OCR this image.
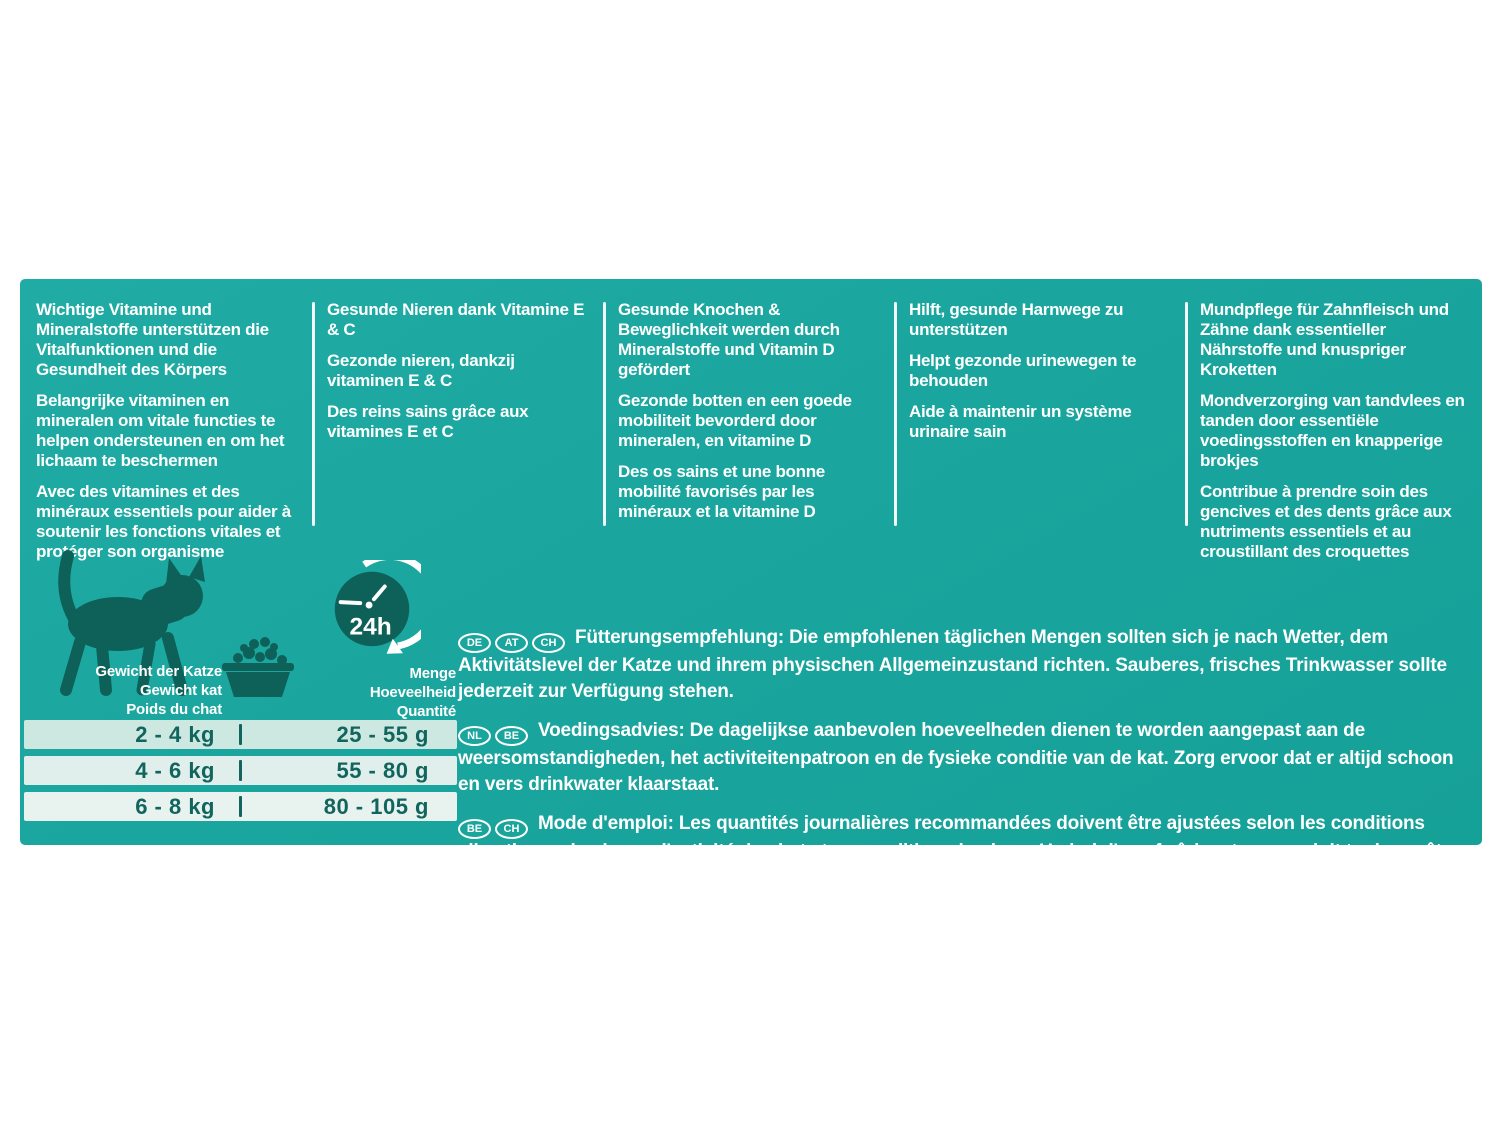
Wichtige Vitamine und Mineralstoffe unterstützen die Vitalfunktionen und die Gesundheit des Körpers

Belangrijke vitaminen en mineralen om vitale functies te helpen ondersteunen en om het lichaam te beschermen

Avec des vitamines et des minéraux essentiels pour aider à soutenir les fonctions vitales et protéger son organisme

Gesunde Nieren dank Vitamine E & C

Gezonde nieren, dankzij vitaminen E & C

Des reins sains grâce aux vitamines E et C

Gesunde Knochen & Beweglichkeit werden durch Mineralstoffe und Vitamin D gefördert

Gezonde botten en een goede mobiliteit bevorderd door mineralen, en vitamine D

Des os sains et une bonne mobilité favorisés par les minéraux et la vitamine D

Hilft, gesunde Harnwege zu unterstützen

Helpt gezonde urinewegen te behouden

Aide à maintenir un système urinaire sain

Mundpflege für Zahnfleisch und Zähne dank essentieller Nährstoffe und knuspriger Kroketten

Mondverzorging van tandvlees en tanden door essentiële voedingsstoffen en knapperige brokjes

Contribue à prendre soin des gencives et des dents grâce aux nutriments essentiels et au croustillant des croquettes

24h
Gewicht der Katze
Gewicht kat
Poids du chat
Menge
Hoeveelheid
Quantité
2 - 4 kg	25 - 55 g
4 - 6 kg	55 - 80 g
6 - 8 kg	80 - 105 g

DE AT CH Fütterungsempfehlung: Die empfohlenen täglichen Mengen sollten sich je nach Wetter, dem Aktivitätslevel der Katze und ihrem physischen Allgemeinzustand richten. Sauberes, frisches Trinkwasser sollte jederzeit zur Verfügung stehen.

NL BE Voedingsadvies: De dagelijkse aanbevolen hoeveelheden dienen te worden aangepast aan de weersomstandigheden, het activiteitenpatroon en de fysieke conditie van de kat. Zorg ervoor dat er altijd schoon en vers drinkwater klaarstaat.

BE CH Mode d'emploi: Les quantités journalières recommandées doivent être ajustées selon les conditions climatiques, le niveau d'activité du chat et sa condition physique. Un bol d'eau fraîche et propre doit toujours être à sa disposition.
